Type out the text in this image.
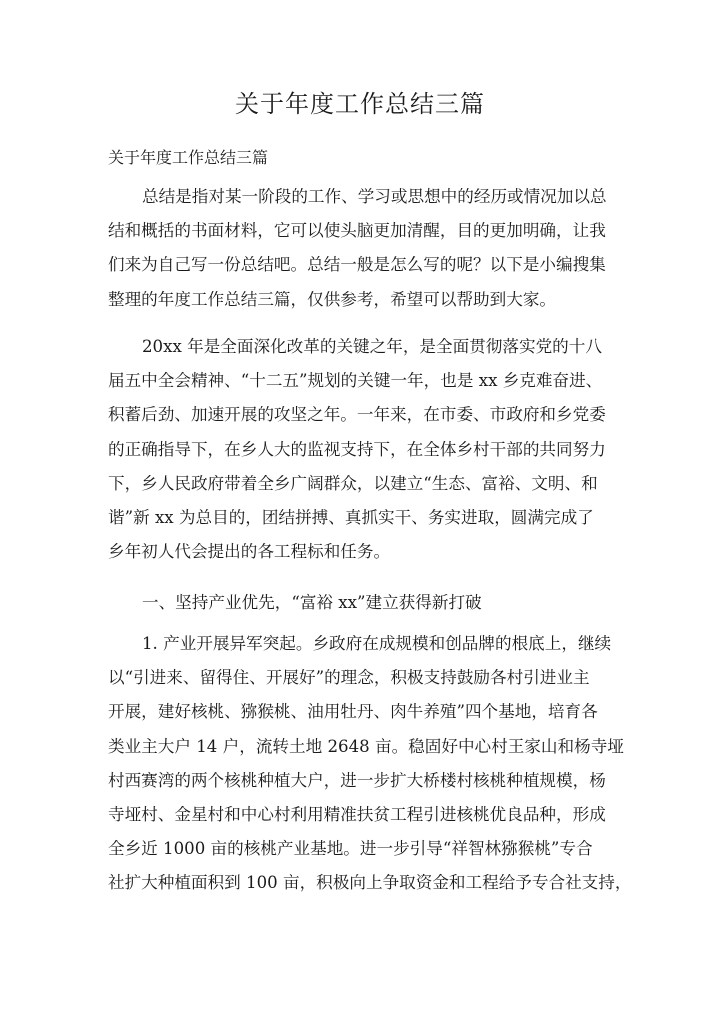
关于年度工作总结三篇
关于年度工作总结三篇
总结是指对某一阶段的工作、学习或思想中的经历或情况加以总
结和概括的书面材料，它可以使头脑更加清醒，目的更加明确，让我
们来为自己写一份总结吧。总结一般是怎么写的呢？以下是小编搜集
整理的年度工作总结三篇，仅供参考，希望可以帮助到大家。
20xx 年是全面深化改革的关键之年，是全面贯彻落实党的十八
届五中全会精神、“十二五”规划的关键一年，也是 xx 乡克难奋进、
积蓄后劲、加速开展的攻坚之年。一年来，在市委、市政府和乡党委
的正确指导下，在乡人大的监视支持下，在全体乡村干部的共同努力
下，乡人民政府带着全乡广阔群众，以建立“生态、富裕、文明、和
谐”新 xx 为总目的，团结拼搏、真抓实干、务实进取，圆满完成了
乡年初人代会提出的各工程标和任务。
一、坚持产业优先，“富裕 xx”建立获得新打破
1. 产业开展异军突起。乡政府在成规模和创品牌的根底上，继续
以“引进来、留得住、开展好”的理念，积极支持鼓励各村引进业主
开展，建好核桃、猕猴桃、油用牡丹、肉牛养殖”四个基地，培育各
类业主大户 14 户，流转土地 2648 亩。稳固好中心村王家山和杨寺垭
村西赛湾的两个核桃种植大户，进一步扩大桥楼村核桃种植规模，杨
寺垭村、金星村和中心村利用精准扶贫工程引进核桃优良品种，形成
全乡近 1000 亩的核桃产业基地。进一步引导“祥智林猕猴桃”专合
社扩大种植面积到 100 亩，积极向上争取资金和工程给予专合社支持，
